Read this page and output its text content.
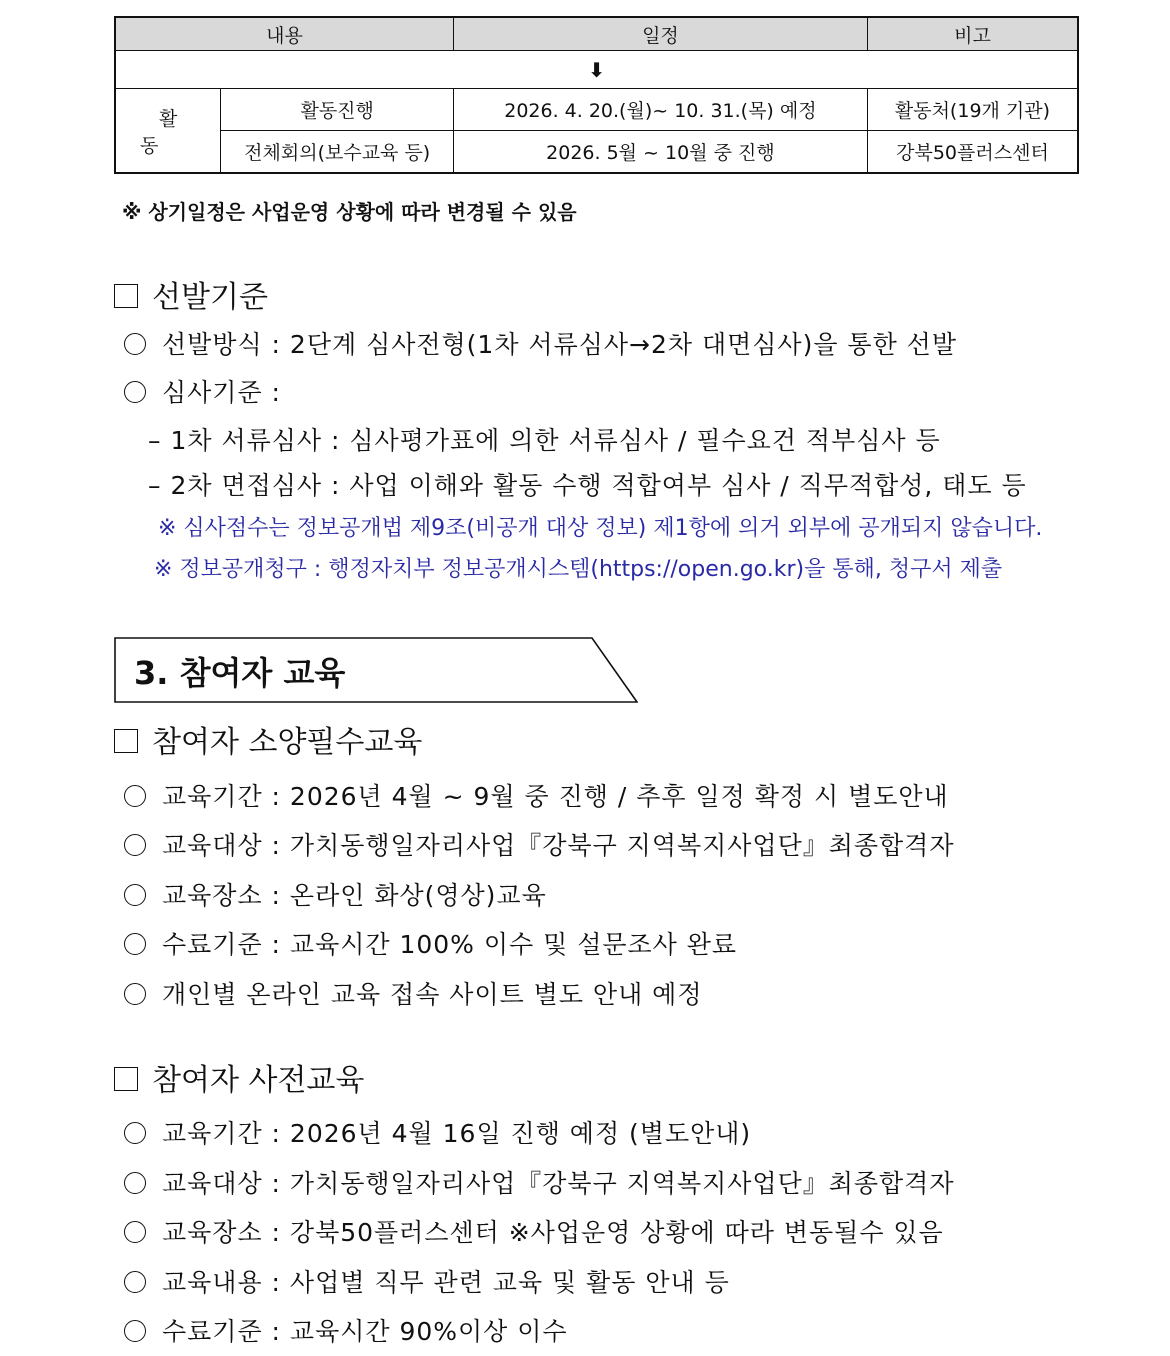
내용		일정	비고
⬇			
활 동	활동진행	2026. 4. 20.(월)~ 10. 31.(목) 예정	활동처(19개 기관)
	전체회의(보수교육 등)	2026. 5월 ~ 10월 중 진행	강북50플러스센터
※ 상기일정은 사업운영 상황에 따라 변경될 수 있음
선발기준
선발방식 : 2단계 심사전형(1차 서류심사→2차 대면심사)을 통한 선발
심사기준 :
– 1차 서류심사 : 심사평가표에 의한 서류심사 / 필수요건 적부심사 등
– 2차 면접심사 : 사업 이해와 활동 수행 적합여부 심사 / 직무적합성, 태도 등
※ 심사점수는 정보공개법 제9조(비공개 대상 정보) 제1항에 의거 외부에 공개되지 않습니다.
※ 정보공개청구 : 행정자치부 정보공개시스템(https://open.go.kr)을 통해, 청구서 제출
3. 참여자 교육
참여자 소양필수교육
교육기간 : 2026년 4월 ~ 9월 중 진행 / 추후 일정 확정 시 별도안내
교육대상 : 가치동행일자리사업『강북구 지역복지사업단』최종합격자
교육장소 : 온라인 화상(영상)교육
수료기준 : 교육시간 100% 이수 및 설문조사 완료
개인별 온라인 교육 접속 사이트 별도 안내 예정
참여자 사전교육
교육기간 : 2026년 4월 16일 진행 예정 (별도안내)
교육대상 : 가치동행일자리사업『강북구 지역복지사업단』최종합격자
교육장소 : 강북50플러스센터 ※사업운영 상황에 따라 변동될수 있음
교육내용 : 사업별 직무 관련 교육 및 활동 안내 등
수료기준 : 교육시간 90%이상 이수
